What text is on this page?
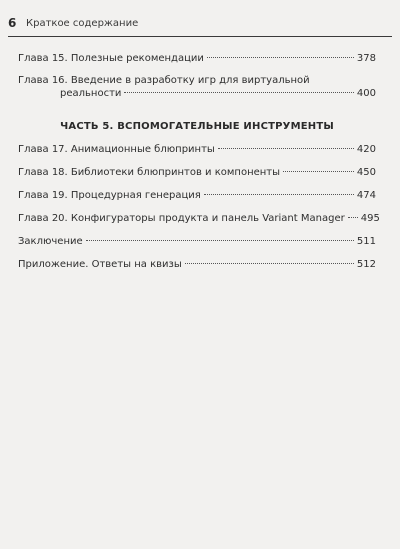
6 Краткое содержание
Глава 15. Полезные рекомендации	378
Глава 16. Введение в разработку игр для виртуальной
реальности	400
ЧАСТЬ 5. ВСПОМОГАТЕЛЬНЫЕ ИНСТРУМЕНТЫ
Глава 17. Анимационные блюпринты	420
Глава 18. Библиотеки блюпринтов и компоненты	450
Глава 19. Процедурная генерация	474
Глава 20. Конфигураторы продукта и панель Variant Manager 495
Заключение	511
Приложение. Ответы на квизы	512
